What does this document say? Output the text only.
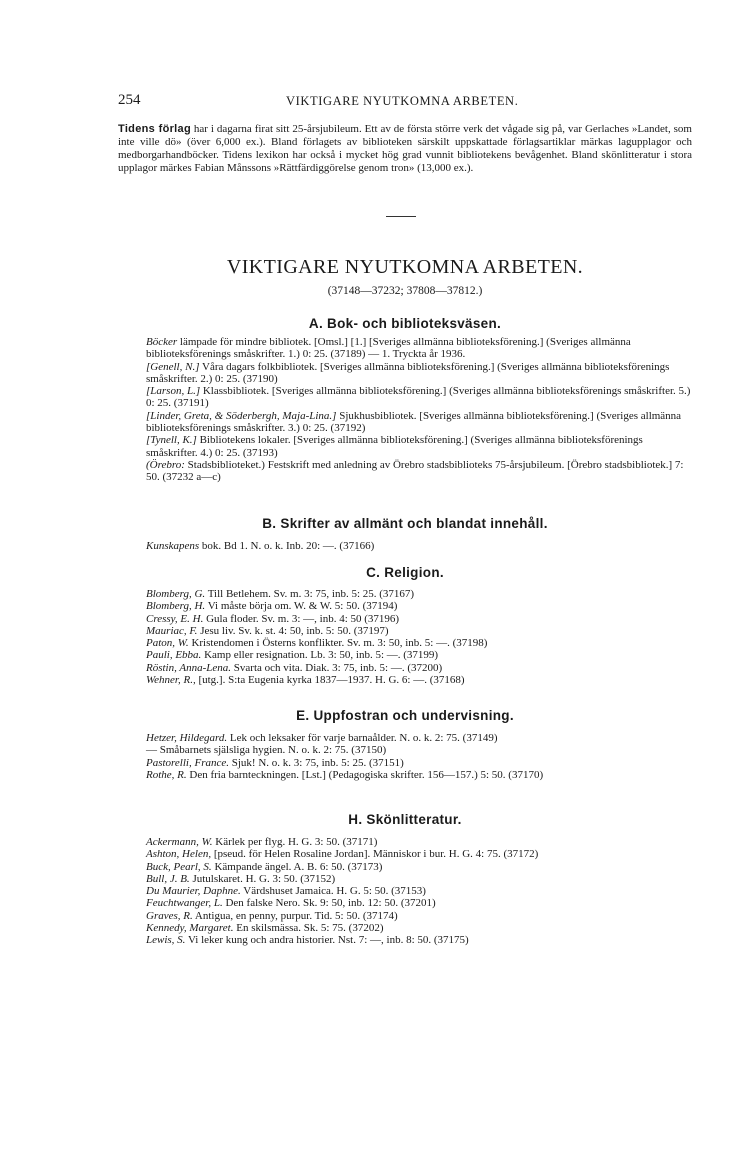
254	VIKTIGARE NYUTKOMNA ARBETEN.

Tidens förlag har i dagarna firat sitt 25-årsjubileum. Ett av de första större verk det vågade sig på, var Gerlaches »Landet, som inte ville dö» (över 6,000 ex.). Bland förlagets av biblioteken särskilt uppskattade förlagsartiklar märkas lagupplagor och medborgarhandböcker. Tidens lexikon har också i mycket hög grad vunnit bibliotekens bevågenhet. Bland skönlitteratur i stora upplagor märkes Fabian Månssons »Rättfärdiggörelse genom tron» (13,000 ex.).

VIKTIGARE NYUTKOMNA ARBETEN.
(37148—37232; 37808—37812.)
A. Bok- och biblioteksväsen.

Böcker lämpade för mindre bibliotek. [Omsl.] [1.] [Sveriges allmänna biblioteksförening.] (Sveriges allmänna biblioteksförenings småskrifter. 1.) 0: 25. (37189) — 1. Tryckta år 1936.

[Genell, N.] Våra dagars folkbibliotek. [Sveriges allmänna biblioteksförening.] (Sveriges allmänna biblioteksförenings småskrifter. 2.) 0: 25. (37190)

[Larson, L.] Klassbibliotek. [Sveriges allmänna biblioteksförening.] (Sveriges allmänna biblioteksförenings småskrifter. 5.) 0: 25. (37191)

[Linder, Greta, & Söderbergh, Maja-Lina.] Sjukhusbibliotek. [Sveriges allmänna biblioteksförening.] (Sveriges allmänna biblioteksförenings småskrifter. 3.) 0: 25. (37192)

[Tynell, K.] Bibliotekens lokaler. [Sveriges allmänna biblioteksförening.] (Sveriges allmänna biblioteksförenings småskrifter. 4.) 0: 25. (37193)

(Örebro: Stadsbiblioteket.) Festskrift med anledning av Örebro stadsbiblioteks 75-årsjubileum. [Örebro stadsbibliotek.] 7: 50. (37232 a—c)

B. Skrifter av allmänt och blandat innehåll.

Kunskapens bok. Bd 1. N. o. k. Inb. 20: —. (37166)

C. Religion.

Blomberg, G. Till Betlehem. Sv. m. 3: 75, inb. 5: 25. (37167)

Blomberg, H. Vi måste börja om. W. & W. 5: 50. (37194)

Cressy, E. H. Gula floder. Sv. m. 3: —, inb. 4: 50 (37196)

Mauriac, F. Jesu liv. Sv. k. st. 4: 50, inb. 5: 50. (37197)

Paton, W. Kristendomen i Österns konflikter. Sv. m. 3: 50, inb. 5: —. (37198)

Pauli, Ebba. Kamp eller resignation. Lb. 3: 50, inb. 5: —. (37199)

Röstin, Anna-Lena. Svarta och vita. Diak. 3: 75, inb. 5: —. (37200)

Wehner, R., [utg.]. S:ta Eugenia kyrka 1837—1937. H. G. 6: —. (37168)

E. Uppfostran och undervisning.

Hetzer, Hildegard. Lek och leksaker för varje barnaålder. N. o. k. 2: 75. (37149)

— Småbarnets själsliga hygien. N. o. k. 2: 75. (37150)

Pastorelli, France. Sjuk! N. o. k. 3: 75, inb. 5: 25. (37151)

Rothe, R. Den fria barnteckningen. [Lst.] (Pedagogiska skrifter. 156—157.) 5: 50. (37170)

H. Skönlitteratur.

Ackermann, W. Kärlek per flyg. H. G. 3: 50. (37171)

Ashton, Helen, [pseud. för Helen Rosaline Jordan]. Människor i bur. H. G. 4: 75. (37172)

Buck, Pearl, S. Kämpande ängel. A. B. 6: 50. (37173)

Bull, J. B. Jutulskaret. H. G. 3: 50. (37152)

Du Maurier, Daphne. Värdshuset Jamaica. H. G. 5: 50. (37153)

Feuchtwanger, L. Den falske Nero. Sk. 9: 50, inb. 12: 50. (37201)

Graves, R. Antigua, en penny, purpur. Tid. 5: 50. (37174)

Kennedy, Margaret. En skilsmässa. Sk. 5: 75. (37202)

Lewis, S. Vi leker kung och andra historier. Nst. 7: —, inb. 8: 50. (37175)
